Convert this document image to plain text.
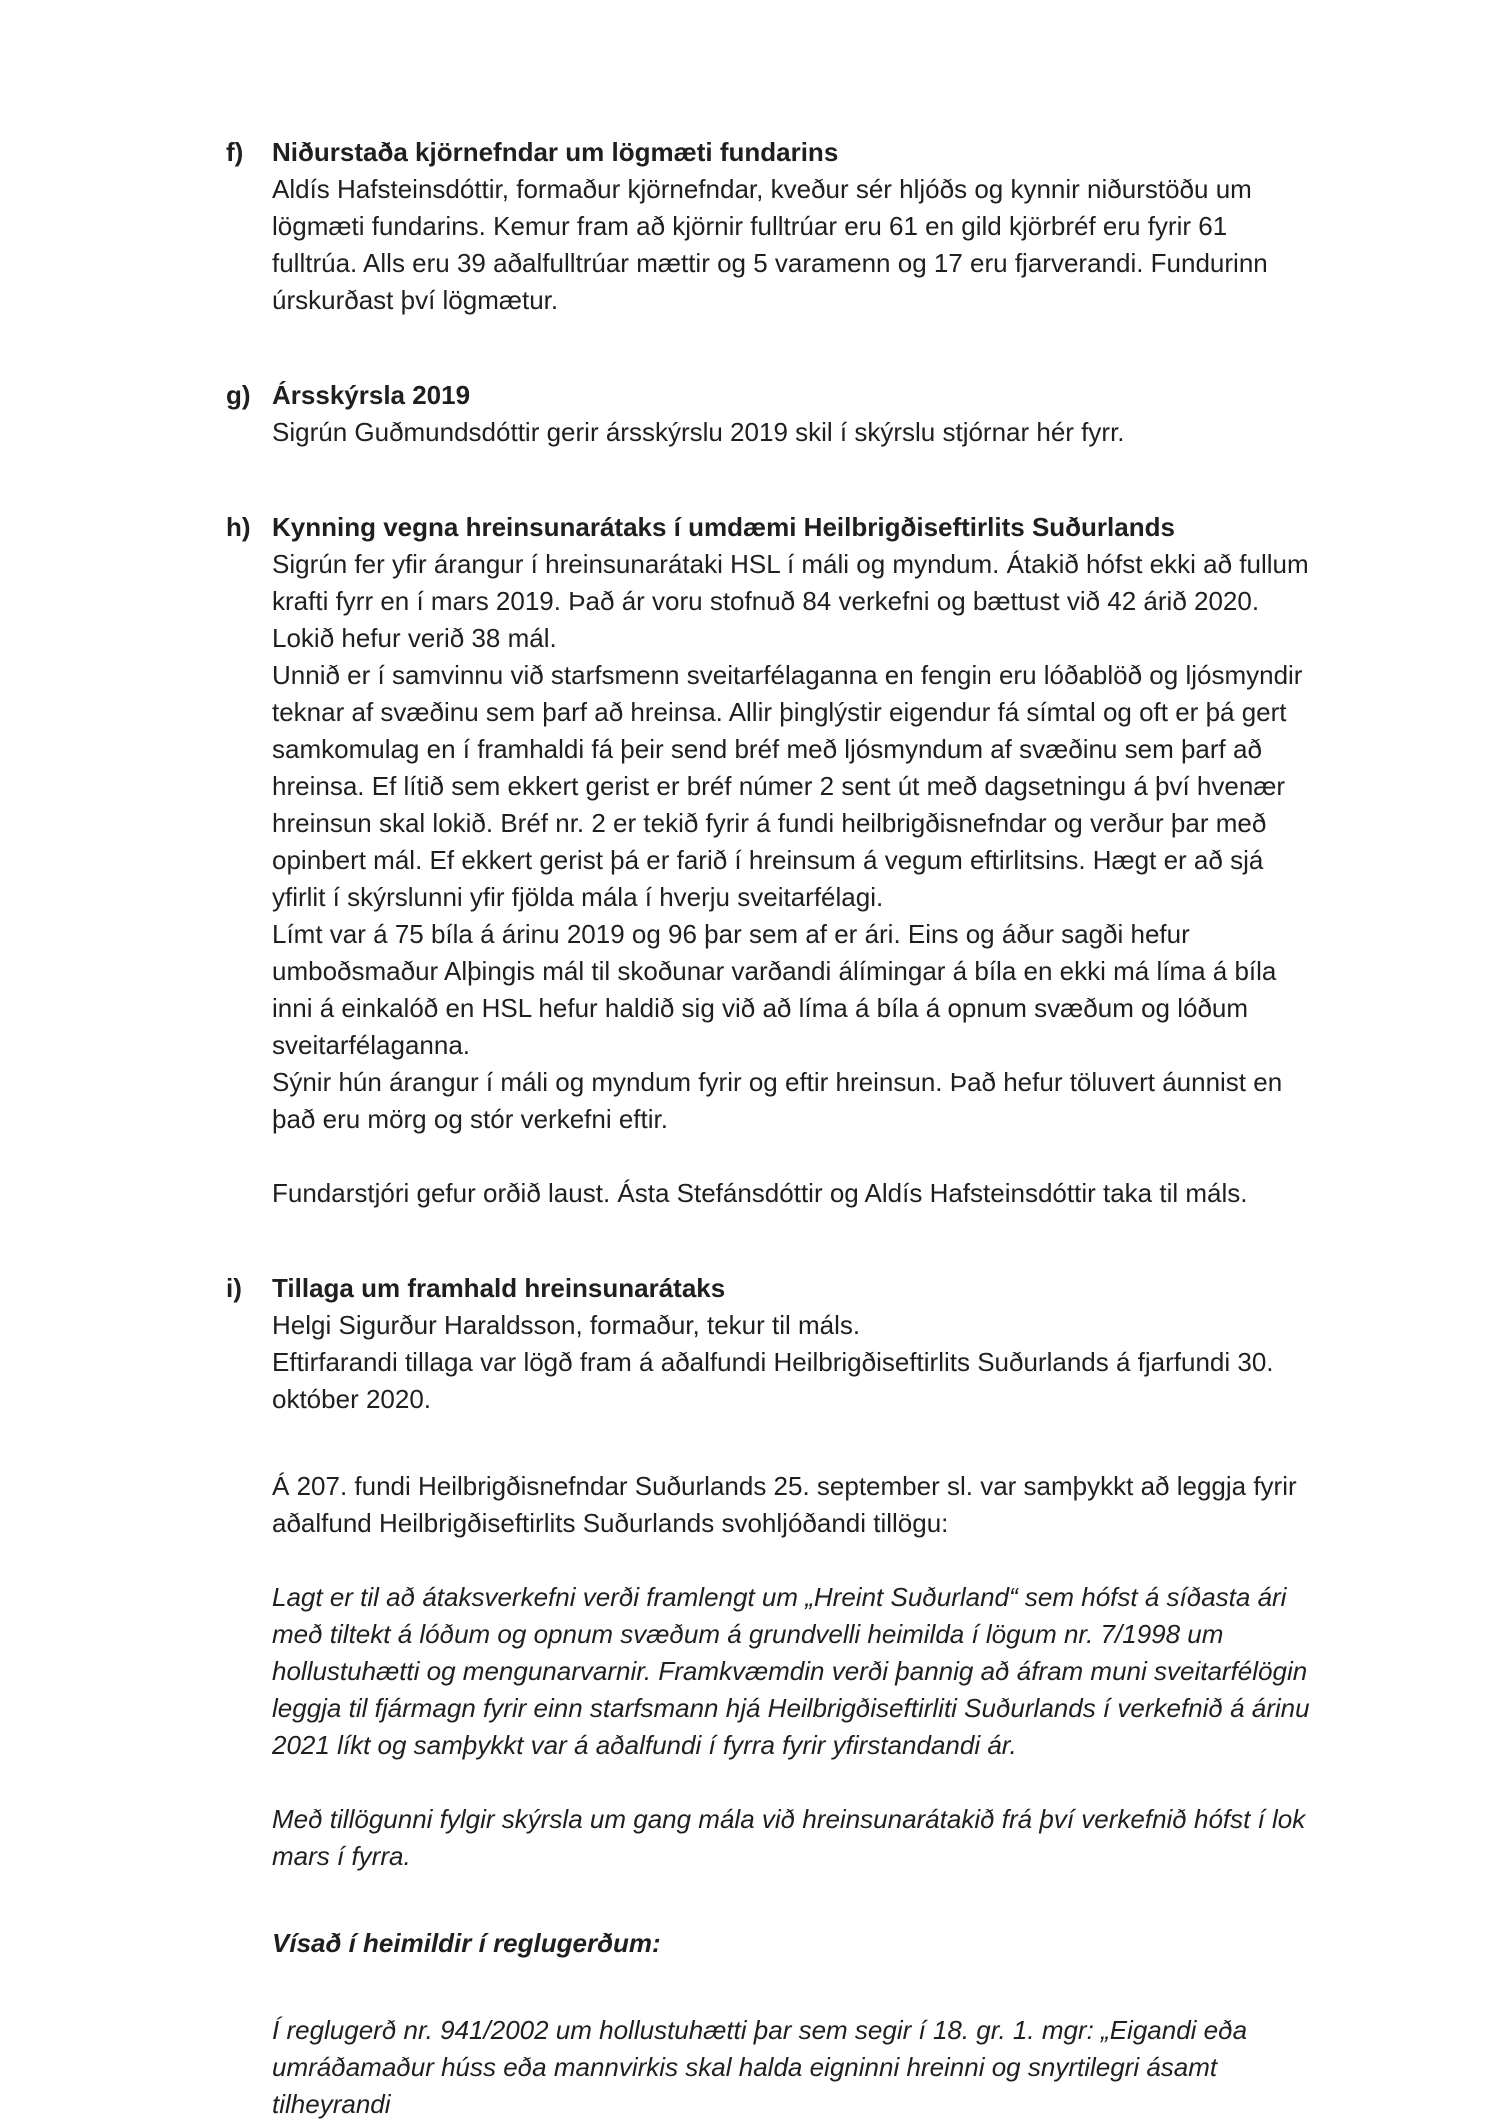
f)	Niðurstaða kjörnefndar um lögmæti fundarins

Aldís Hafsteinsdóttir, formaður kjörnefndar, kveður sér hljóðs og kynnir niðurstöðu um lögmæti fundarins. Kemur fram að kjörnir fulltrúar eru 61 en gild kjörbréf eru fyrir 61 fulltrúa. Alls eru 39 aðalfulltrúar mættir og 5 varamenn og 17 eru fjarverandi. Fundurinn úrskurðast því lögmætur.

g) Ársskýrsla 2019

Sigrún Guðmundsdóttir gerir ársskýrslu 2019 skil í skýrslu stjórnar hér fyrr.

h) Kynning vegna hreinsunarátaks í umdæmi Heilbrigðiseftirlits Suðurlands

Sigrún fer yfir árangur í hreinsunarátaki HSL í máli og myndum. Átakið hófst ekki að fullum krafti fyrr en í mars 2019. Það ár voru stofnuð 84 verkefni og bættust við 42 árið 2020. Lokið hefur verið 38 mál.

Unnið er í samvinnu við starfsmenn sveitarfélaganna en fengin eru lóðablöð og ljósmyndir teknar af svæðinu sem þarf að hreinsa. Allir þinglýstir eigendur fá símtal og oft er þá gert samkomulag en í framhaldi fá þeir send bréf með ljósmyndum af svæðinu sem þarf að hreinsa. Ef lítið sem ekkert gerist er bréf númer 2 sent út með dagsetningu á því hvenær hreinsun skal lokið. Bréf nr. 2 er tekið fyrir á fundi heilbrigðisnefndar og verður þar með opinbert mál. Ef ekkert gerist þá er farið í hreinsum á vegum eftirlitsins. Hægt er að sjá yfirlit í skýrslunni yfir fjölda mála í hverju sveitarfélagi.

Límt var á 75 bíla á árinu 2019 og 96 þar sem af er ári. Eins og áður sagði hefur umboðsmaður Alþingis mál til skoðunar varðandi álímingar á bíla en ekki má líma á bíla inni á einkalóð en HSL hefur haldið sig við að líma á bíla á opnum svæðum og lóðum sveitarfélaganna.

Sýnir hún árangur í máli og myndum fyrir og eftir hreinsun. Það hefur töluvert áunnist en það eru mörg og stór verkefni eftir.

Fundarstjóri gefur orðið laust. Ásta Stefánsdóttir og Aldís Hafsteinsdóttir taka til máls.

i)	Tillaga um framhald hreinsunarátaks

Helgi Sigurður Haraldsson, formaður, tekur til máls.

Eftirfarandi tillaga var lögð fram á aðalfundi Heilbrigðiseftirlits Suðurlands á fjarfundi 30. október 2020.

Á 207. fundi Heilbrigðisnefndar Suðurlands 25. september sl. var samþykkt að leggja fyrir aðalfund Heilbrigðiseftirlits Suðurlands svohljóðandi tillögu:

Lagt er til að átaksverkefni verði framlengt um „Hreint Suðurland“ sem hófst á síðasta ári með tiltekt á lóðum og opnum svæðum á grundvelli heimilda í lögum nr. 7/1998 um hollustuhætti og mengunarvarnir. Framkvæmdin verði þannig að áfram muni sveitarfélögin leggja til fjármagn fyrir einn starfsmann hjá Heilbrigðiseftirliti Suðurlands í verkefnið á árinu 2021 líkt og samþykkt var á aðalfundi í fyrra fyrir yfirstandandi ár.

Með tillögunni fylgir skýrsla um gang mála við hreinsunarátakið frá því verkefnið hófst í lok mars í fyrra.

Vísað í heimildir í reglugerðum:

Í reglugerð nr. 941/2002 um hollustuhætti þar sem segir í 18. gr. 1. mgr: „Eigandi eða umráðamaður húss eða mannvirkis skal halda eigninni hreinni og snyrtilegri ásamt tilheyrandi
